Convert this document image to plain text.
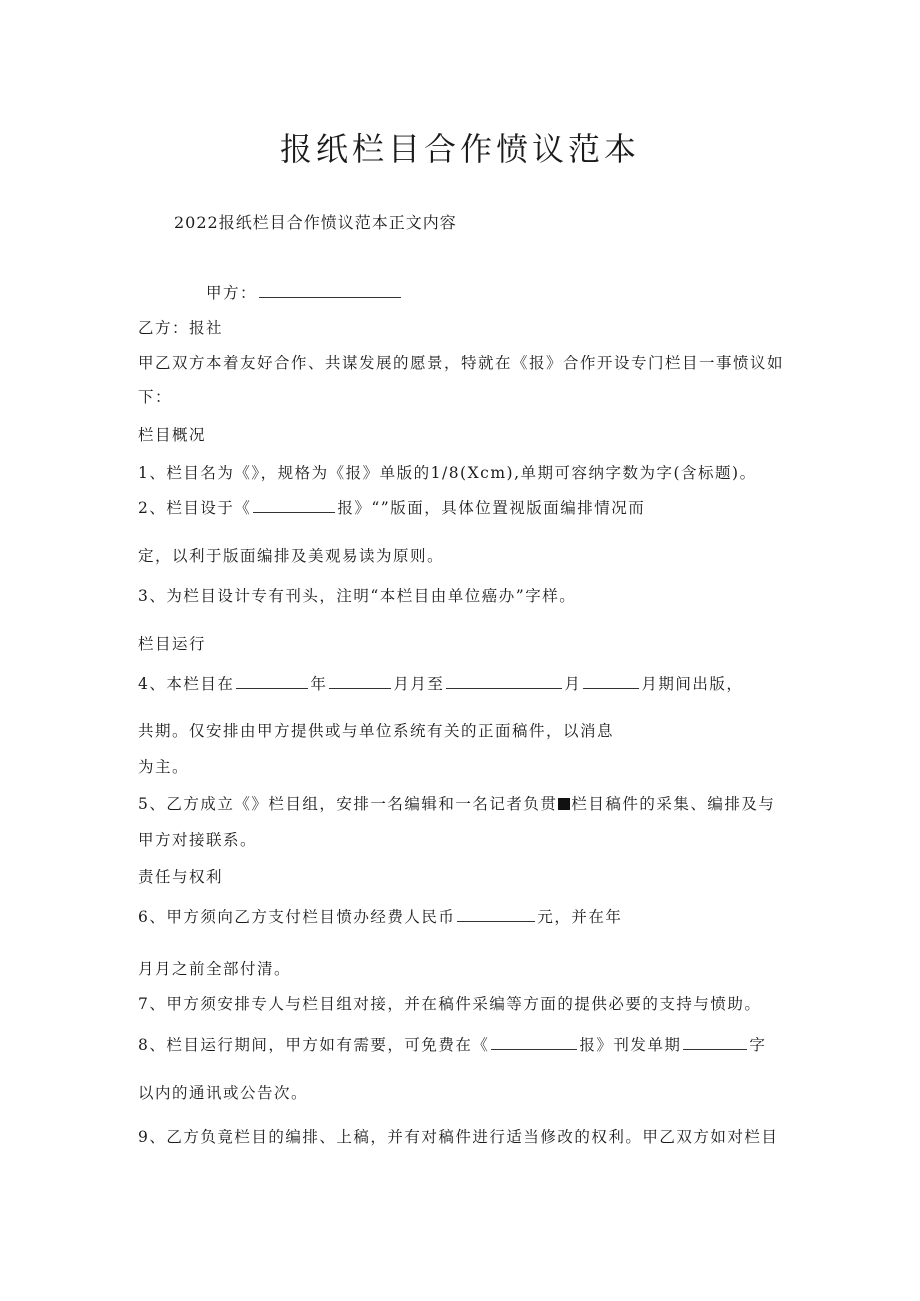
报纸栏目合作愤议范本
2022报纸栏目合作愤议范本正文内容
甲方：
乙方：报社
甲乙双方本着友好合作、共谋发展的愿景，特就在《报》合作开设专门栏目一事愤议如
下：
栏目概况
1、栏目名为《》，规格为《报》单版的1/8(Xcm),单期可容纳字数为字(含标题)。
2、栏目设于《	报》“”版面，具体位置视版面编排情况而
定，以利于版面编排及美观易读为原则。
3、为栏目设计专有刊头，注明“本栏目由单位癌办”字样。
栏目运行
4、本栏目在	年	月月至	月	月期间出版，
共期。仅安排由甲方提供或与单位系统有关的正面稿件，以消息
为主。
5、乙方成立《》栏目组，安排一名编辑和一名记者负贯 栏目稿件的采集、编排及与
甲方对接联系。
责任与权利
6、甲方须向乙方支付栏目愤办经费人民币	元，并在年
月月之前全部付清。
7、甲方须安排专人与栏目组对接，并在稿件采编等方面的提供必要的支持与愤助。
8、栏目运行期间，甲方如有需要，可免费在《	报》刊发单期	字
以内的通讯或公告次。
9、乙方负竟栏目的编排、上稿，并有对稿件进行适当修改的权利。甲乙双方如对栏目
